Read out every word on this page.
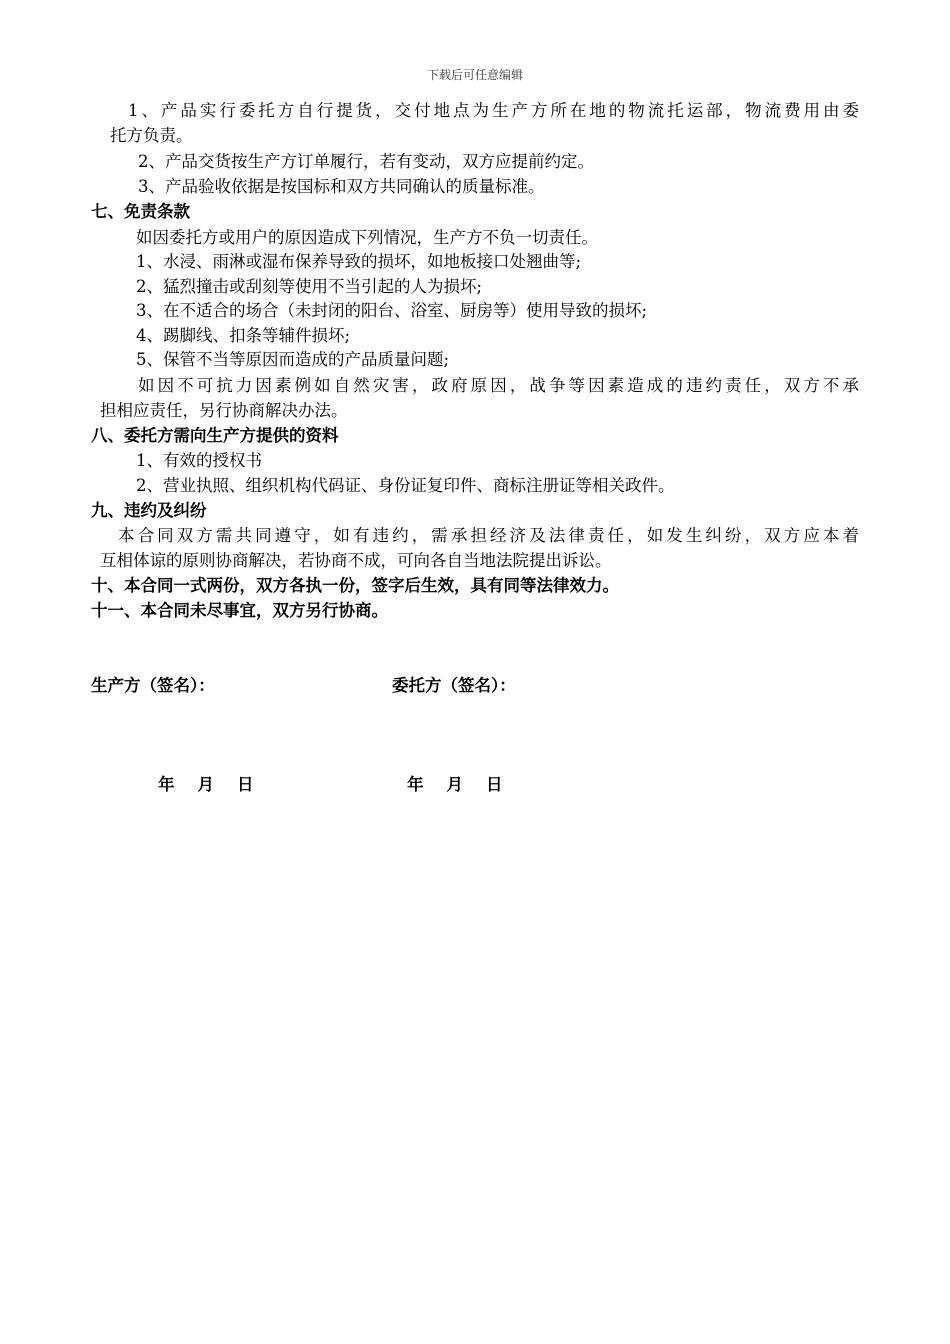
下载后可任意编辑
1、产品实行委托方自行提货，交付地点为生产方所在地的物流托运部，物流费用由委
托方负责。
2、产品交货按生产方订单履行，若有变动，双方应提前约定。
3、产品验收依据是按国标和双方共同确认的质量标准。
七、免责条款
如因委托方或用户的原因造成下列情况，生产方不负一切责任。
1、水浸、雨淋或湿布保养导致的损坏，如地板接口处翘曲等;
2、猛烈撞击或刮刻等使用不当引起的人为损坏;
3、在不适合的场合（未封闭的阳台、浴室、厨房等）使用导致的损坏;
4、踢脚线、扣条等辅件损坏;
5、保管不当等原因而造成的产品质量问题;
如因不可抗力因素例如自然灾害，政府原因，战争等因素造成的违约责任，双方不承
担相应责任，另行协商解决办法。
八、委托方需向生产方提供的资料
1、有效的授权书
2、营业执照、组织机构代码证、身份证复印件、商标注册证等相关政件。
九、违约及纠纷
本合同双方需共同遵守，如有违约，需承担经济及法律责任，如发生纠纷，双方应本着
互相体谅的原则协商解决，若协商不成，可向各自当地法院提出诉讼。
十、本合同一式两份，双方各执一份，签字后生效，具有同等法律效力。
十一、本合同未尽事宜，双方另行协商。
生产方（签名）：	委托方（签名）：
年    月    日	年    月    日
